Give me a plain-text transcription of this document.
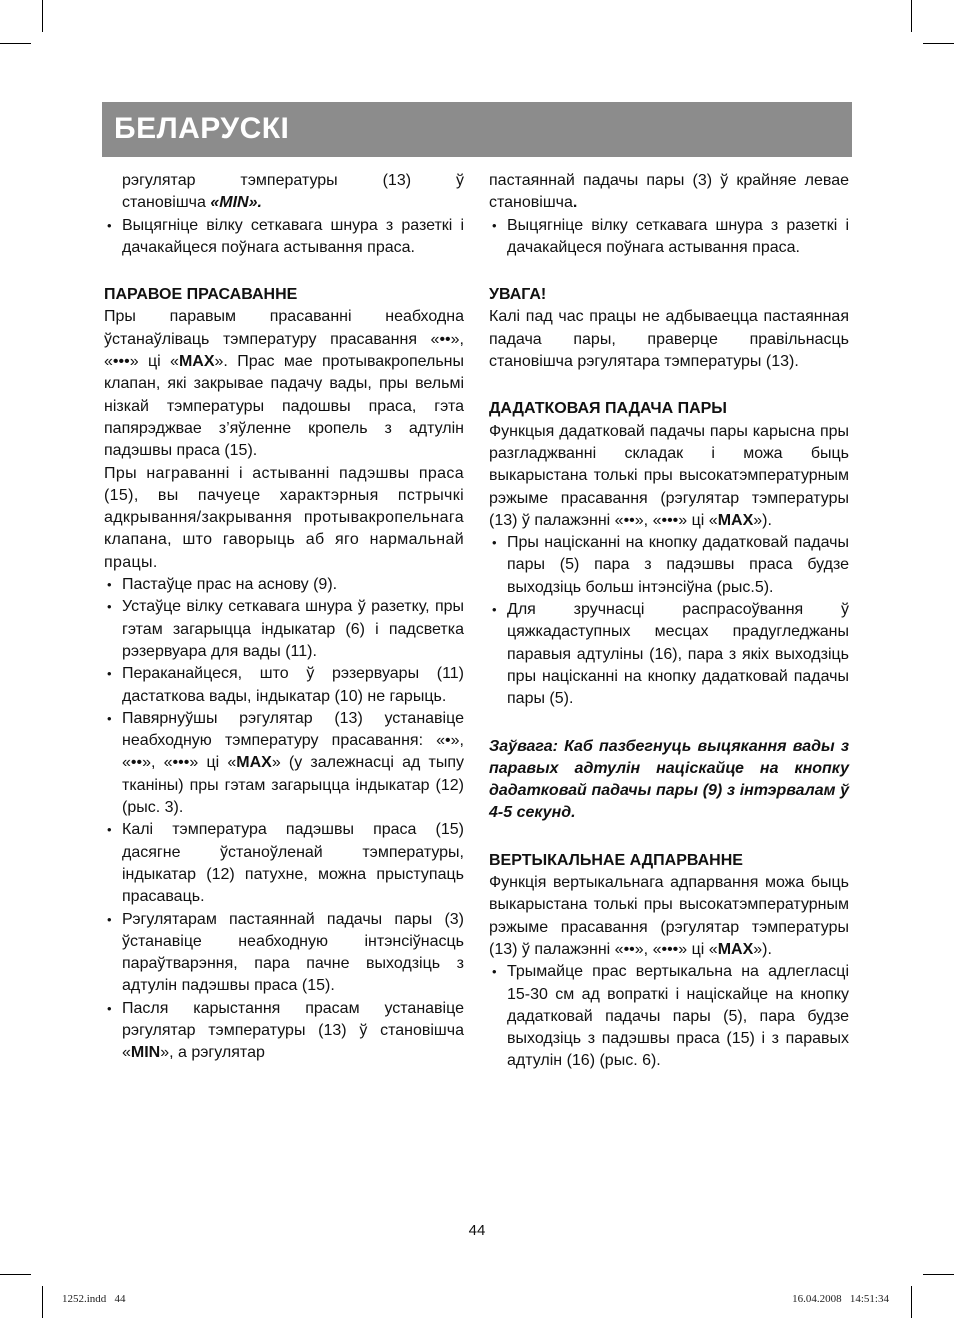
БЕЛАРУСКІ

рэгулятар тэмпературы (13) ў

становішча «MIN».

• Выцягніце вілку сеткавага шнура з разеткі і дачакайцеся поўнага астывання праса.

ПАРАВОЕ ПРАСАВАННЕ

Пры паравым прасаванні неабходна ўстанаўліваць тэмпературу прасавання «••», «•••» ці «MAX». Прас мае протывакропельны клапан, які закрывае падачу вады, пры вельмі нізкай тэмпературы падошвы праса, гэта папярэджвае з’яўленне кропель з адтулін падэшвы праса (15).

Пры награванні і астыванні падэшвы праса (15), вы пачуеце характэрныя пстрычкі адкрывання/закрывання протывакропельнага клапана, што гаворыць аб яго нармальнай працы.

• Пастаўце прас на аснову (9).

• Устаўце вілку сеткавага шнура ў разетку, пры гэтам загарыцца індыкатар (6) і падсветка рэзервуара для вады (11).

• Пераканайцеся, што ў рэзервуары (11) дастаткова вады, індыкатар (10) не гарыць.

• Павярнуўшы рэгулятар (13) устанавіце неабходную тэмпературу прасавання: «•», «••», «•••» ці «MAX» (у залежнасці ад тыпу тканіны) пры гэтам загарыцца індыкатар (12) (рыс. 3).

• Калі тэмпература падэшвы праса (15) дасягне ўстаноўленай тэмпературы, індыкатар (12) патухне, можна прыступаць прасаваць.

• Рэгулятарам пастаяннай падачы пары (3) ўстанавіце неабходную інтэнсіўнасць параўтварэння, пара пачне выходзіць з адтулін падэшвы праса (15).

• Пасля карыстання прасам устанавіце рэгулятар тэмпературы (13) ў становішча «MIN», а рэгулятар

пастаяннай падачы пары (3) ў крайняе левае становішча.

• Выцягніце вілку сеткавага шнура з разеткі і дачакайцеся поўнага астывання праса.

УВАГА!

Калі пад час працы не адбываецца пастаянная падача пары, праверце правільнасць становішча рэгулятара тэмпературы (13).

ДАДАТКОВАЯ ПАДАЧА ПАРЫ

Функцыя дадатковай падачы пары карысна пры разгладжванні складак і можа быць выкарыстана толькі пры высокатэмпературным рэжыме прасавання (рэгулятар тэмпературы (13) ў палажэнні «••», «•••» ці «MAX»).

• Пры націсканні на кнопку дадатковай падачы пары (5) пара з падэшвы праса будзе выходзіць больш інтэнсіўна (рыс.5).

• Для зручнасці распрасоўвання ў цяжкадаступных месцах прадугледжаны паравыя адтуліны (16), пара з якіх выходзіць пры націсканні на кнопку дадатковай падачы пары (5).

Заўвага: Каб пазбегнуць выцякання вады з паравых адтулін націскайце на кнопку дадатковай падачы пары (9) з інтэрвалам ў 4-5 секунд.

ВЕРТЫКАЛЬНАЕ АДПАРВАННЕ

Функція вертыкальнага адпарвання можа быць выкарыстана толькі пры высокатэмпературным рэжыме прасавання (рэгулятар тэмпературы (13) ў палажэнні «••», «•••» ці «MAX»).

• Трымайце прас вертыкальна на адлегласці 15-30 см ад вопраткі і націскайце на кнопку дадатковай падачы пары (5), пара будзе выходзіць з падэшвы праса (15) і з паравых адтулін (16) (рыс. 6).

44
1252.indd   44	16.04.2008   14:51:34
